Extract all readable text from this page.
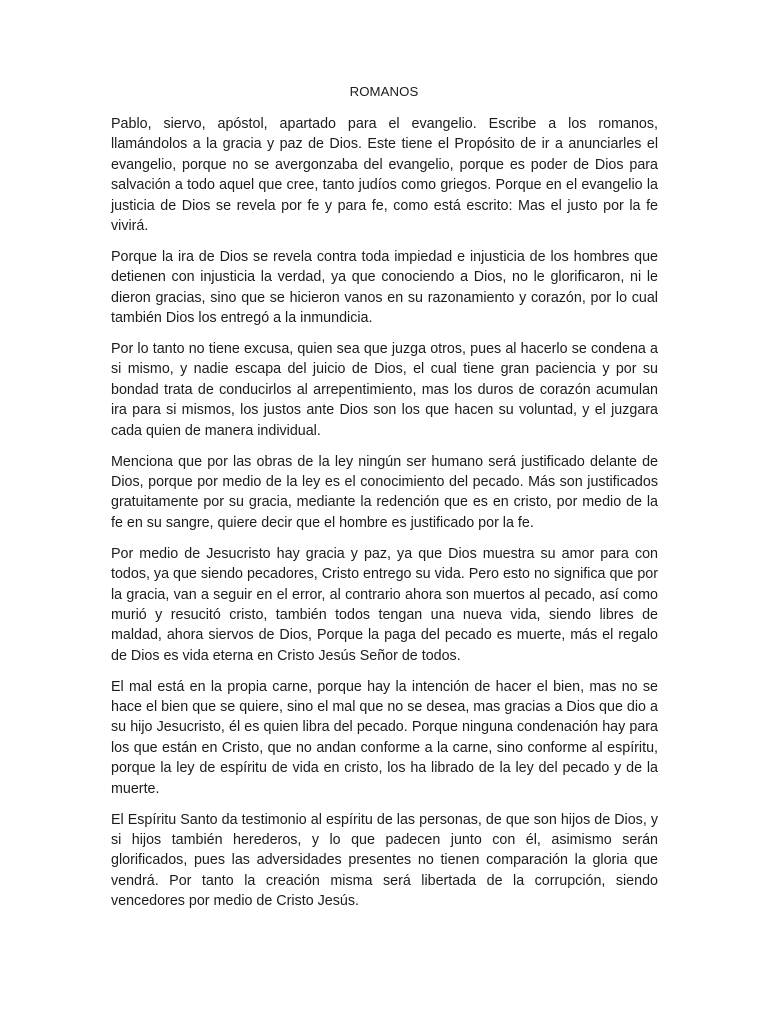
ROMANOS

Pablo, siervo, apóstol, apartado para el evangelio. Escribe a los romanos, llamándolos a la gracia y paz de Dios. Este tiene el Propósito de ir a anunciarles el evangelio, porque no se avergonzaba del evangelio, porque es poder de Dios para salvación a todo aquel que cree, tanto judíos como griegos. Porque en el evangelio la justicia de Dios se revela por fe y para fe, como está escrito: Mas el justo por la fe vivirá.

Porque la ira de Dios se revela contra toda impiedad e injusticia de los hombres que detienen con injusticia la verdad, ya que conociendo a Dios, no le glorificaron, ni le dieron gracias, sino que se hicieron vanos en su razonamiento y corazón, por lo cual también Dios los entregó a la inmundicia.

Por lo tanto no tiene excusa, quien sea que juzga otros, pues al hacerlo se condena a si mismo, y nadie escapa del juicio de Dios, el cual tiene gran paciencia y por su bondad trata de conducirlos al arrepentimiento, mas los duros de corazón acumulan ira para si mismos, los justos ante Dios son los que hacen su voluntad, y el juzgara cada quien de manera individual.

Menciona que por las obras de la ley ningún ser humano será justificado delante de Dios, porque por medio de la ley es el conocimiento del pecado. Más son justificados gratuitamente por su gracia, mediante la redención que es en cristo, por medio de la fe en su sangre, quiere decir que el hombre es justificado por la fe.

Por medio de Jesucristo hay gracia y paz, ya que Dios muestra su amor para con todos, ya que siendo pecadores, Cristo entrego su vida. Pero esto no significa que por la gracia, van a seguir en el error, al contrario ahora son muertos al pecado, así como murió y resucitó cristo, también todos tengan una nueva vida, siendo libres de maldad, ahora siervos de Dios, Porque la paga del pecado es muerte, más el regalo de Dios es vida eterna en Cristo Jesús Señor de todos.

El mal está en la propia carne, porque hay la intención de hacer el bien, mas no se hace el bien que se quiere, sino el mal que no se desea, mas gracias a Dios que dio a su hijo Jesucristo, él es quien libra del pecado. Porque ninguna condenación hay para los que están en Cristo, que no andan conforme a la carne, sino conforme al espíritu, porque la ley de espíritu de vida en cristo, los ha librado de la ley del pecado y de la muerte.

El Espíritu Santo da testimonio al espíritu de las personas, de que son hijos de Dios, y si hijos también herederos, y lo que padecen junto con él, asimismo serán glorificados, pues las adversidades presentes no tienen comparación la gloria que vendrá. Por tanto la creación misma será libertada de la corrupción, siendo vencedores por medio de Cristo Jesús.
